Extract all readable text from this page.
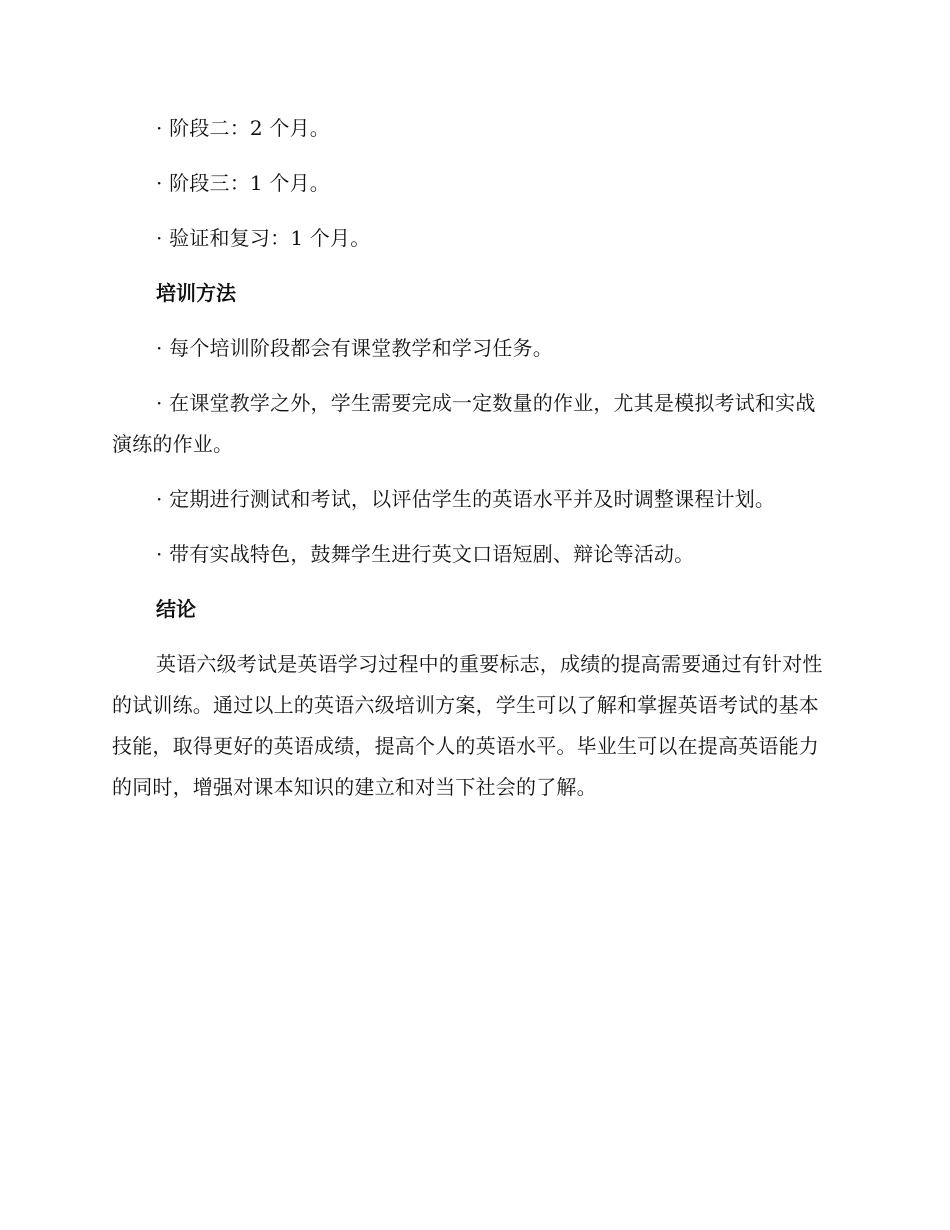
· 阶段二：2 个月。

· 阶段三：1 个月。

· 验证和复习：1 个月。

培训方法

· 每个培训阶段都会有课堂教学和学习任务。

· 在课堂教学之外，学生需要完成一定数量的作业，尤其是模拟考试和实战演练的作业。

· 定期进行测试和考试，以评估学生的英语水平并及时调整课程计划。

· 带有实战特色，鼓舞学生进行英文口语短剧、辩论等活动。

结论

英语六级考试是英语学习过程中的重要标志，成绩的提高需要通过有针对性的试训练。通过以上的英语六级培训方案，学生可以了解和掌握英语考试的基本技能，取得更好的英语成绩，提高个人的英语水平。毕业生可以在提高英语能力的同时，增强对课本知识的建立和对当下社会的了解。
